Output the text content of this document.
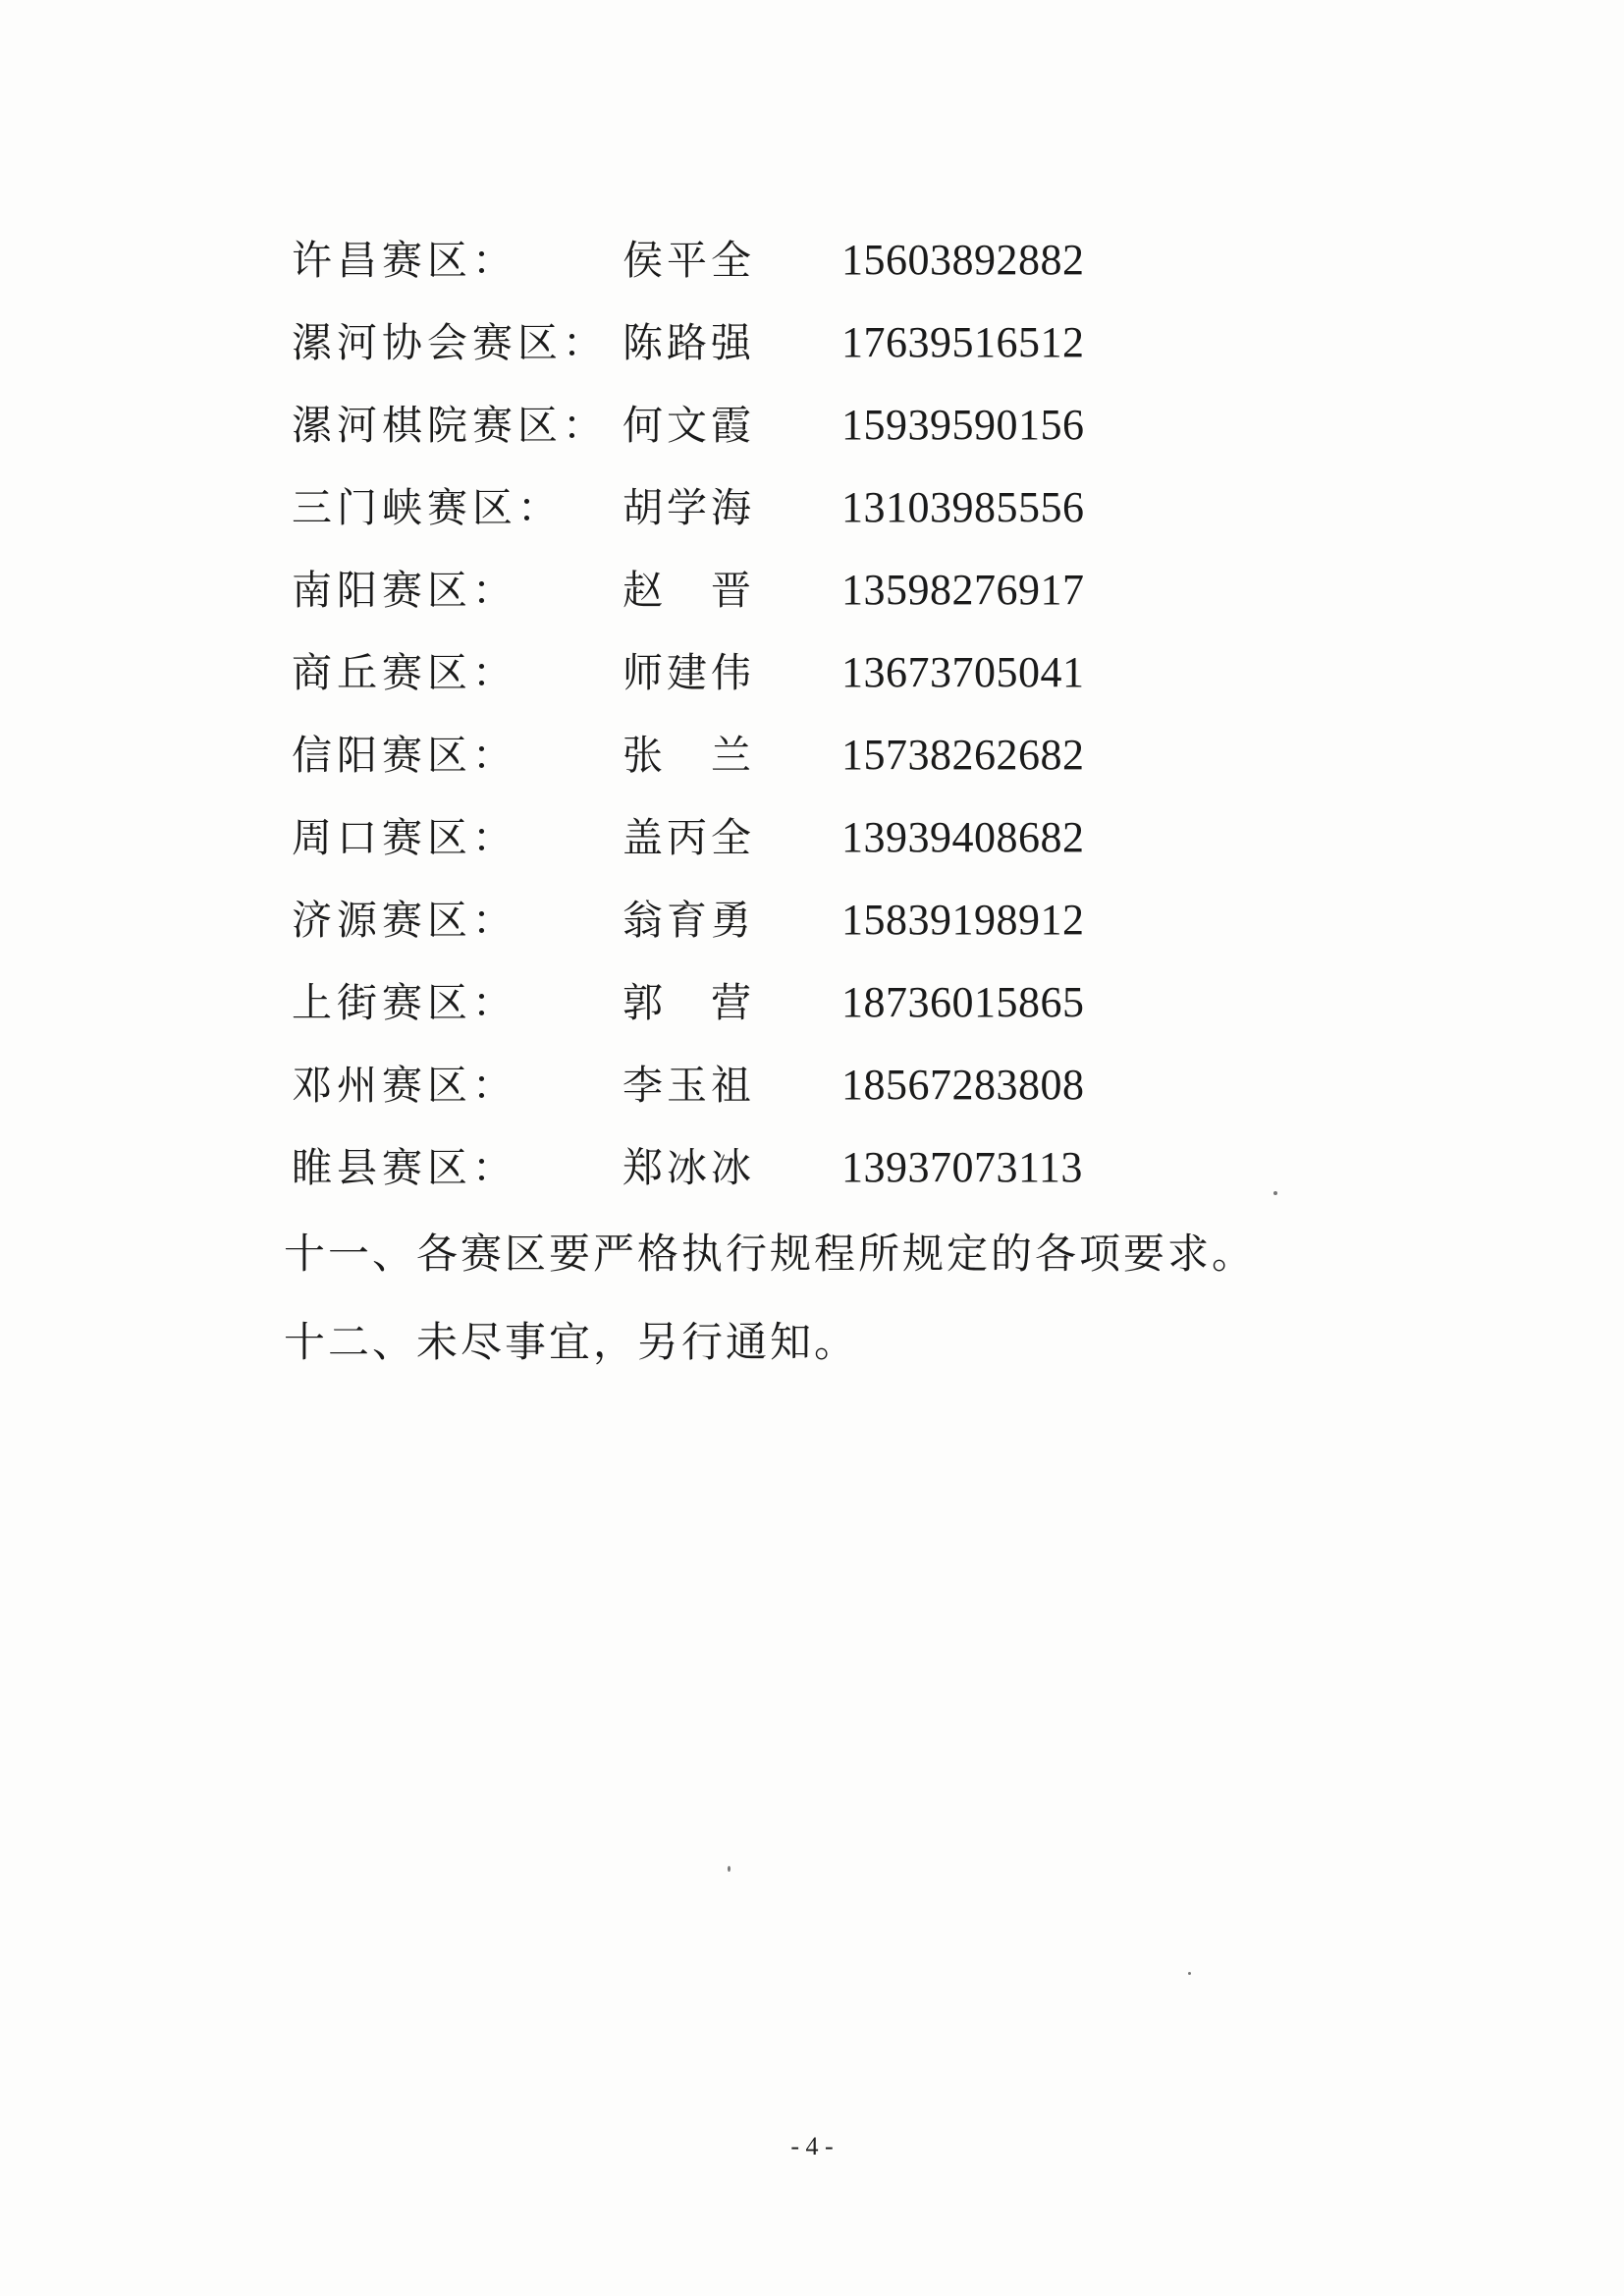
许昌赛区：	侯平全 15603892882
漯河协会赛区： 陈路强 17639516512
漯河棋院赛区： 何文霞 15939590156
三门峡赛区： 胡学海 13103985556
南阳赛区：	赵　晋 13598276917
商丘赛区：	师建伟 13673705041
信阳赛区：	张　兰 15738262682
周口赛区：	盖丙全 13939408682
济源赛区：	翁育勇 15839198912
上街赛区：	郭　营 18736015865
邓州赛区：	李玉祖 18567283808
睢县赛区：	郑冰冰 13937073113
十一、各赛区要严格执行规程所规定的各项要求。
十二、未尽事宜，另行通知。
- 4 -
